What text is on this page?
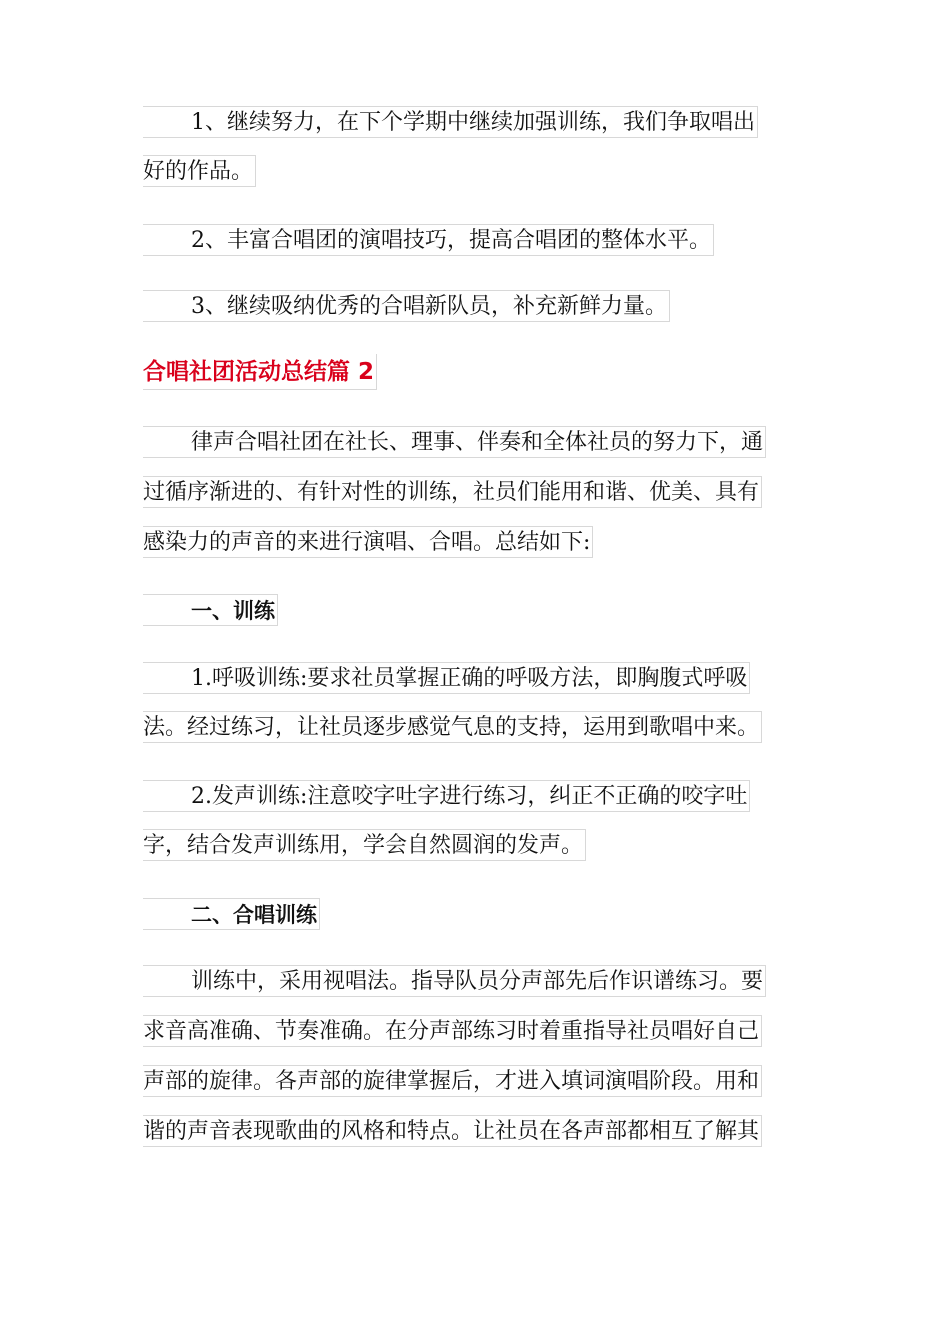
1、继续努力，在下个学期中继续加强训练，我们争取唱出
好的作品。
2、丰富合唱团的演唱技巧，提高合唱团的整体水平。
3、继续吸纳优秀的合唱新队员，补充新鲜力量。
合唱社团活动总结篇 2
律声合唱社团在社长、理事、伴奏和全体社员的努力下，通
过循序渐进的、有针对性的训练，社员们能用和谐、优美、具有
感染力的声音的来进行演唱、合唱。总结如下:
一、训练
1.呼吸训练:要求社员掌握正确的呼吸方法，即胸腹式呼吸
法。经过练习，让社员逐步感觉气息的支持，运用到歌唱中来。
2.发声训练:注意咬字吐字进行练习，纠正不正确的咬字吐
字，结合发声训练用，学会自然圆润的发声。
二、合唱训练
训练中，采用视唱法。指导队员分声部先后作识谱练习。要
求音高准确、节奏准确。在分声部练习时着重指导社员唱好自己
声部的旋律。各声部的旋律掌握后，才进入填词演唱阶段。用和
谐的声音表现歌曲的风格和特点。让社员在各声部都相互了解其
